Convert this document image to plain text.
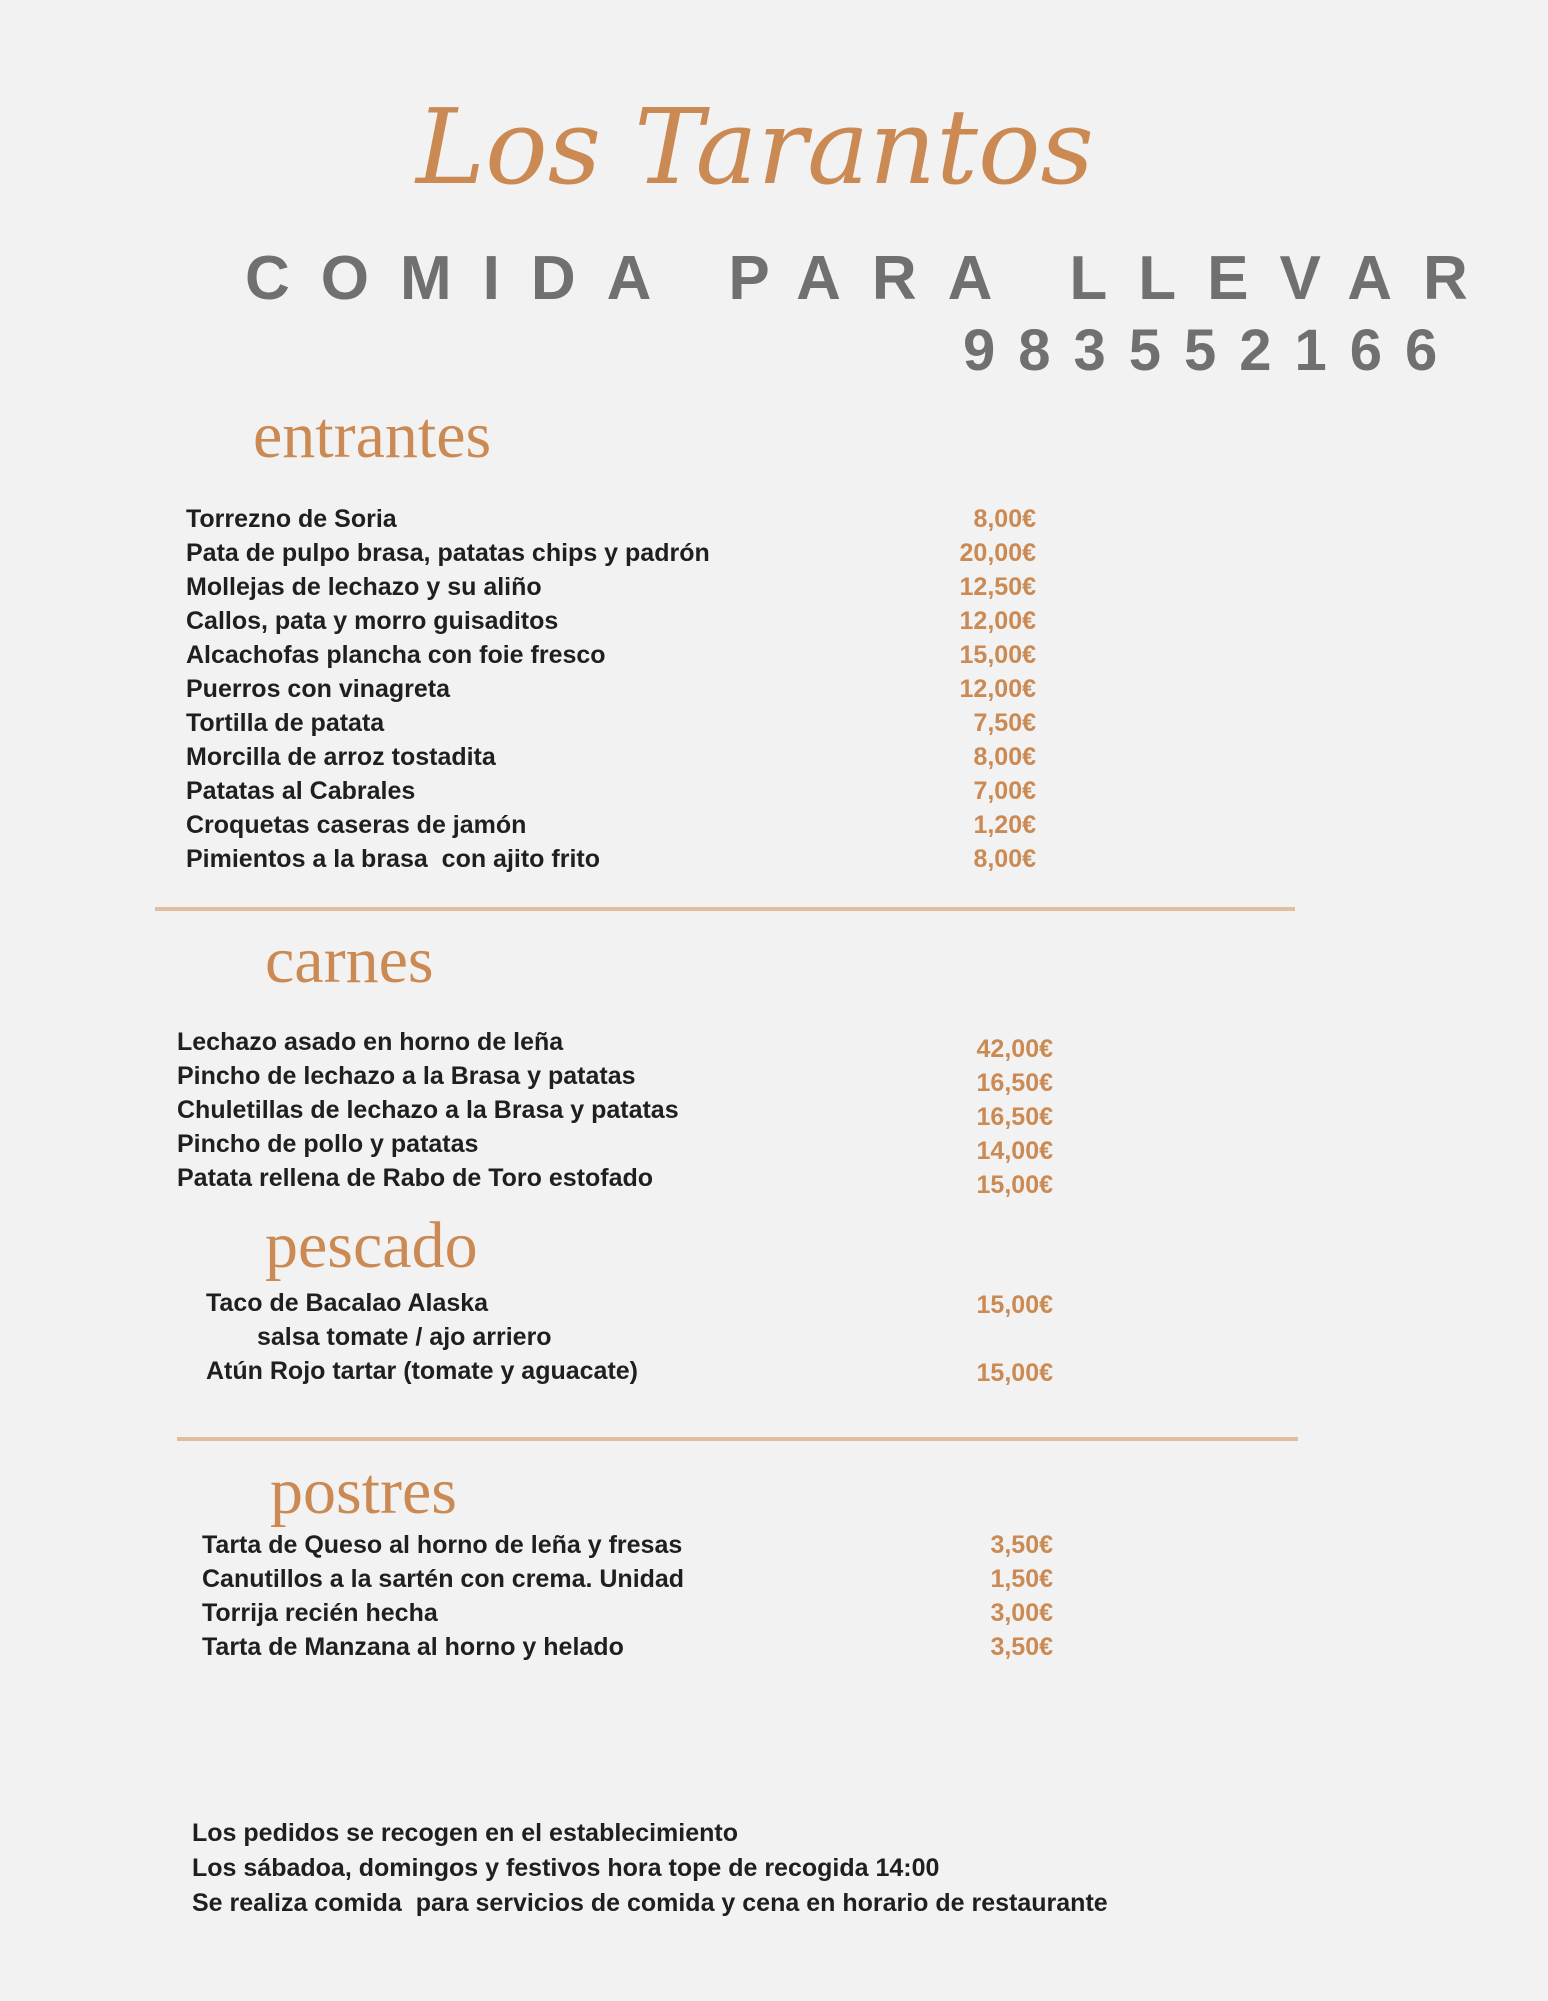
Los Tarantos
COMIDA PARA LLEVAR
983552166
entrantes
Torrezno de Soria	8,00€
Pata de pulpo brasa, patatas chips y padrón	20,00€
Mollejas de lechazo y su aliño	12,50€
Callos, pata y morro guisaditos	12,00€
Alcachofas plancha con foie fresco	15,00€
Puerros con vinagreta	12,00€
Tortilla de patata	7,50€
Morcilla de arroz tostadita	8,00€
Patatas al Cabrales	7,00€
Croquetas caseras de jamón	1,20€
Pimientos a la brasa  con ajito frito	8,00€
carnes
Lechazo asado en horno de leña	42,00€
Pincho de lechazo a la Brasa y patatas	16,50€
Chuletillas de lechazo a la Brasa y patatas	16,50€
Pincho de pollo y patatas	14,00€
Patata rellena de Rabo de Toro estofado	15,00€
pescado
Taco de Bacalao Alaska	15,00€
salsa tomate / ajo arriero
Atún Rojo tartar (tomate y aguacate)	15,00€
postres
Tarta de Queso al horno de leña y fresas	3,50€
Canutillos a la sartén con crema. Unidad	1,50€
Torrija recién hecha	3,00€
Tarta de Manzana al horno y helado	3,50€
Los pedidos se recogen en el establecimiento
Los sábadoa, domingos y festivos hora tope de recogida 14:00
Se realiza comida  para servicios de comida y cena en horario de restaurante
